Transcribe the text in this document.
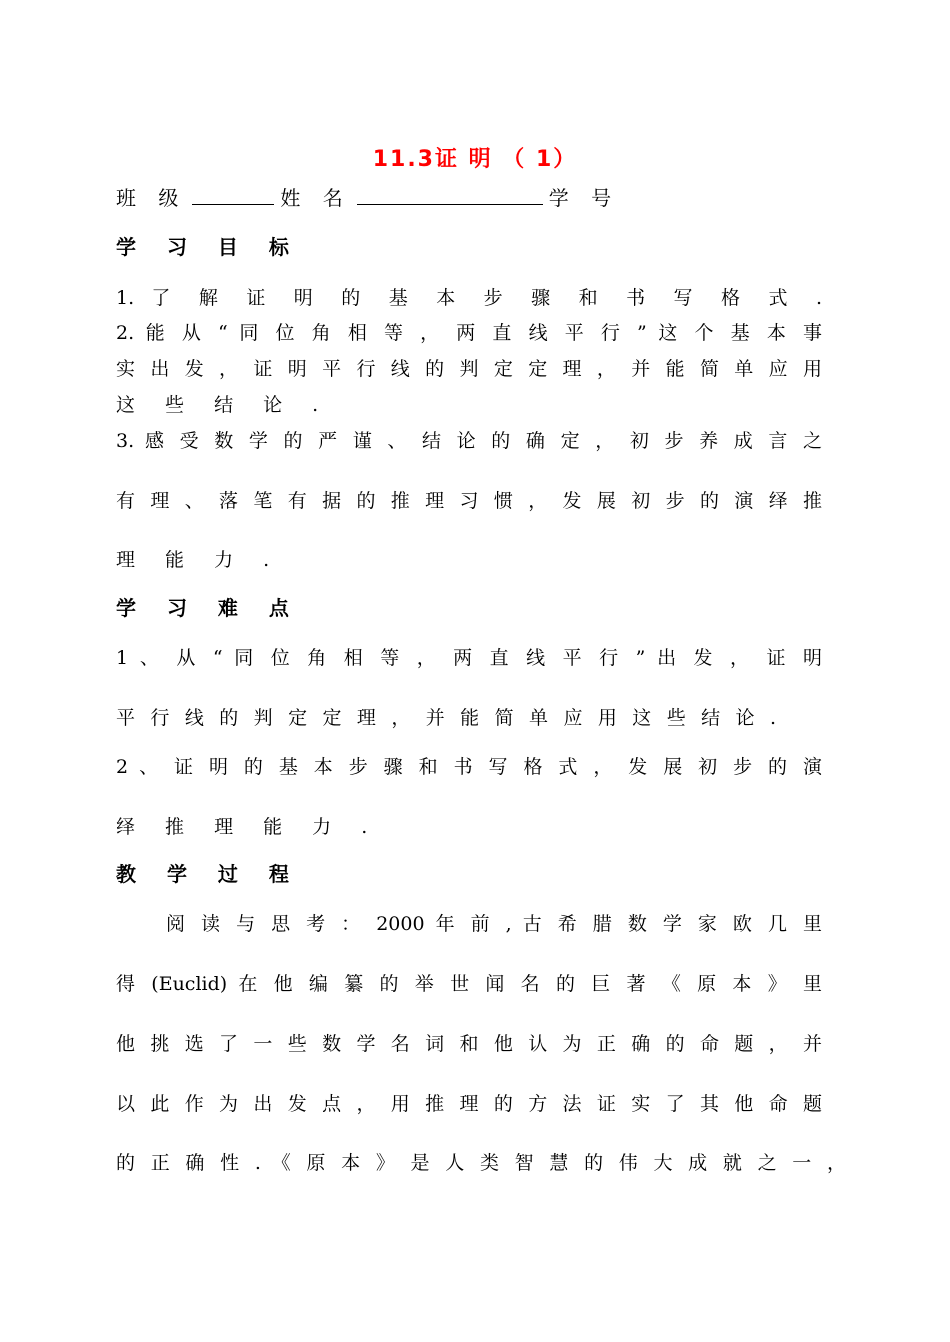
11.3证 明 （ 1）
班 级	姓 名	学 号
学 习 目 标
1. 了 解 证 明 的 基 本 步 骤 和 书 写 格 式 .
2. 能 从 “ 同 位 角 相 等 ， 两 直 线 平 行 ” 这 个 基 本 事
实 出 发 ， 证 明 平 行 线 的 判 定 定 理 ， 并 能 简 单 应 用
这 些 结 论 .
3. 感 受 数 学 的 严 谨 、 结 论 的 确 定 ， 初 步 养 成 言 之
有 理 、 落 笔 有 据 的 推 理 习 惯 ， 发 展 初 步 的 演 绎 推
理 能 力 .
学 习 难 点
1 、 从 “ 同 位 角 相 等 ， 两 直 线 平 行 ” 出 发 ， 证 明
平 行 线 的 判 定 定 理 ， 并 能 简 单 应 用 这 些 结 论 .
2 、 证 明 的 基 本 步 骤 和 书 写 格 式 ， 发 展 初 步 的 演
绎 推 理 能 力 .
教 学 过 程
阅 读 与 思 考 ： 2000 年 前 , 古 希 腊 数 学 家 欧 几 里
得 (Euclid) 在 他 编 纂 的 举 世 闻 名 的 巨 著 《 原 本 》 里
他 挑 选 了 一 些 数 学 名 词 和 他 认 为 正 确 的 命 题 ， 并
以 此 作 为 出 发 点 ， 用 推 理 的 方 法 证 实 了 其 他 命 题
的 正 确 性 . 《 原 本 》 是 人 类 智 慧 的 伟 大 成 就 之 一 ，
